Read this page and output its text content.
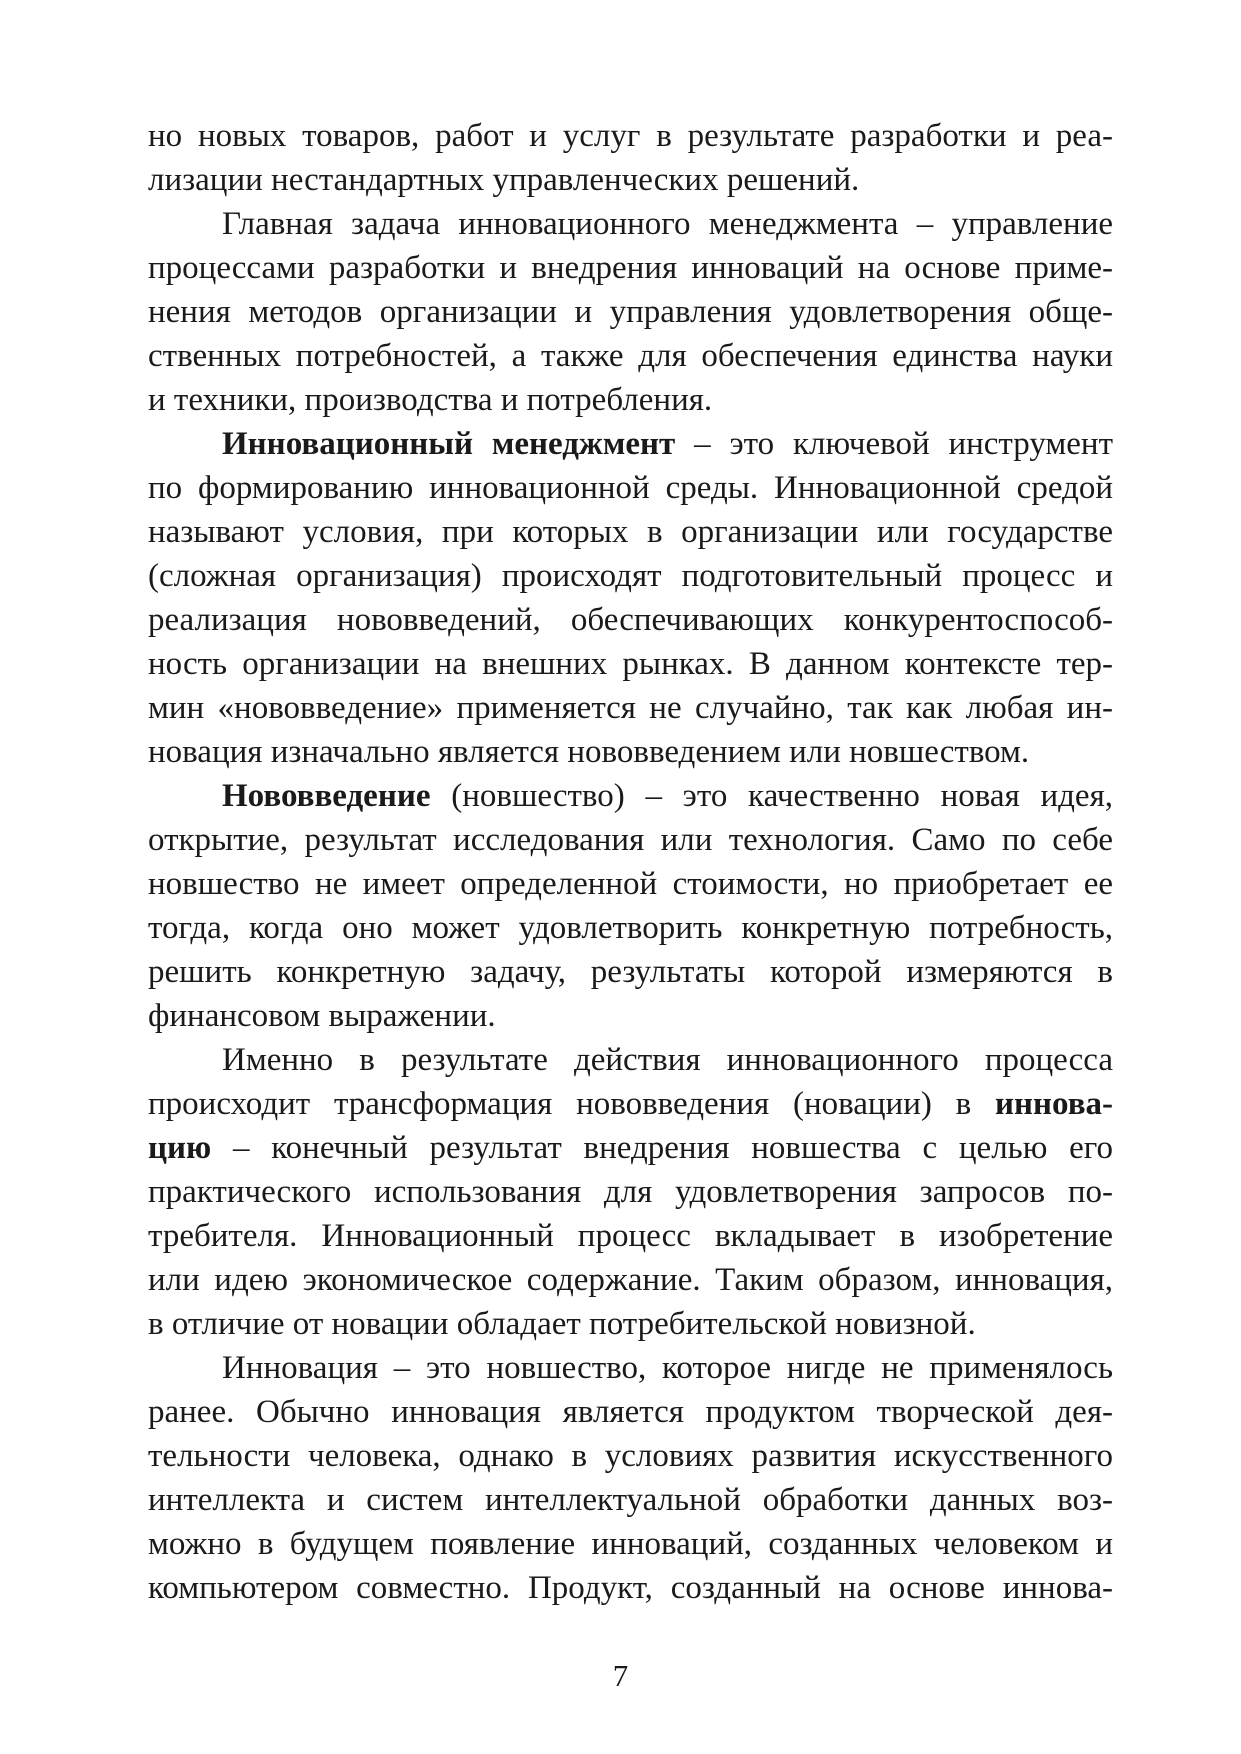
но новых товаров, работ и услуг в результате разработки и реа-
лизации нестандартных управленческих решений.

Главная задача инновационного менеджмента – управление
процессами разработки и внедрения инноваций на основе приме-
нения методов организации и управления удовлетворения обще-
ственных потребностей, а также для обеспечения единства науки
и техники, производства и потребления.

Инновационный менеджмент – это ключевой инструмент
по формированию инновационной среды. Инновационной средой
называют условия, при которых в организации или государстве
(сложная организация) происходят подготовительный процесс и
реализация нововведений, обеспечивающих конкурентоспособ-
ность организации на внешних рынках. В данном контексте тер-
мин «нововведение» применяется не случайно, так как любая ин-
новация изначально является нововведением или новшеством.

Нововведение (новшество) – это качественно новая идея,
открытие, результат исследования или технология. Само по себе
новшество не имеет определенной стоимости, но приобретает ее
тогда, когда оно может удовлетворить конкретную потребность,
решить конкретную задачу, результаты которой измеряются в
финансовом выражении.

Именно в результате действия инновационного процесса
происходит трансформация нововведения (новации) в иннова-
цию – конечный результат внедрения новшества с целью его
практического использования для удовлетворения запросов по-
требителя. Инновационный процесс вкладывает в изобретение
или идею экономическое содержание. Таким образом, инновация,
в отличие от новации обладает потребительской новизной.

Инновация – это новшество, которое нигде не применялось
ранее. Обычно инновация является продуктом творческой дея-
тельности человека, однако в условиях развития искусственного
интеллекта и систем интеллектуальной обработки данных воз-
можно в будущем появление инноваций, созданных человеком и
компьютером совместно. Продукт, созданный на основе иннова-

7
